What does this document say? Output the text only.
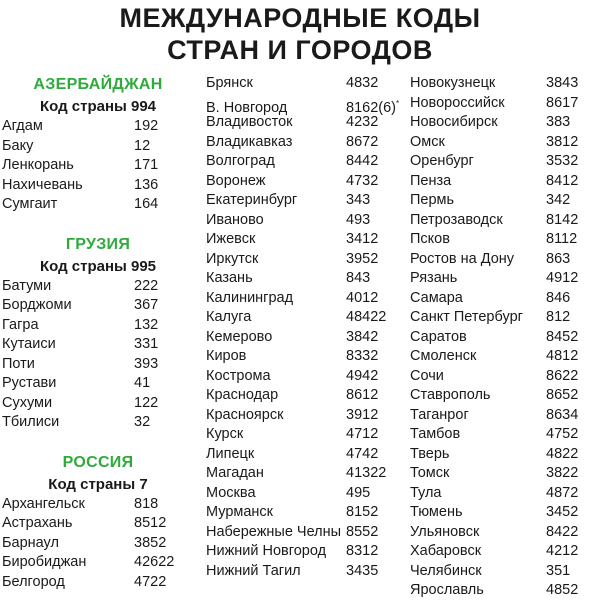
МЕЖДУНАРОДНЫЕ КОДЫ
СТРАН И ГОРОДОВ
АЗЕРБАЙДЖАН
Код страны 994
Агдам	192
Баку	12
Ленкорань	171
Нахичевань	136
Сумгаит	164
ГРУЗИЯ
Код страны 995
Батуми	222
Борджоми	367
Гагра	132
Кутаиси	331
Поти	393
Рустави	41
Сухуми	122
Тбилиси	32
РОССИЯ
Код страны 7
Архангельск	818
Астрахань	8512
Барнаул	3852
Биробиджан	42622
Белгород	4722
Брянск	4832
В. Новгород	8162(6)*
Владивосток	4232
Владикавказ	8672
Волгоград	8442
Воронеж	4732
Екатеринбург	343
Иваново	493
Ижевск	3412
Иркутск	3952
Казань	843
Калининград	4012
Калуга	48422
Кемерово	3842
Киров	8332
Кострома	4942
Краснодар	8612
Красноярск	3912
Курск	4712
Липецк	4742
Магадан	41322
Москва	495
Мурманск	8152
Набережные Челны 8552
Нижний Новгород 8312
Нижний Тагил	3435
Новокузнецк	3843
Новороссийск	8617
Новосибирск	383
Омск	3812
Оренбург	3532
Пенза	8412
Пермь	342
Петрозаводск	8142
Псков	8112
Ростов на Дону 863
Рязань	4912
Самара	846
Санкт Петербург 812
Саратов	8452
Смоленск	4812
Сочи	8622
Ставрополь	8652
Таганрог	8634
Тамбов	4752
Тверь	4822
Томск	3822
Тула	4872
Тюмень	3452
Ульяновск	8422
Хабаровск	4212
Челябинск	351
Ярославль	4852
